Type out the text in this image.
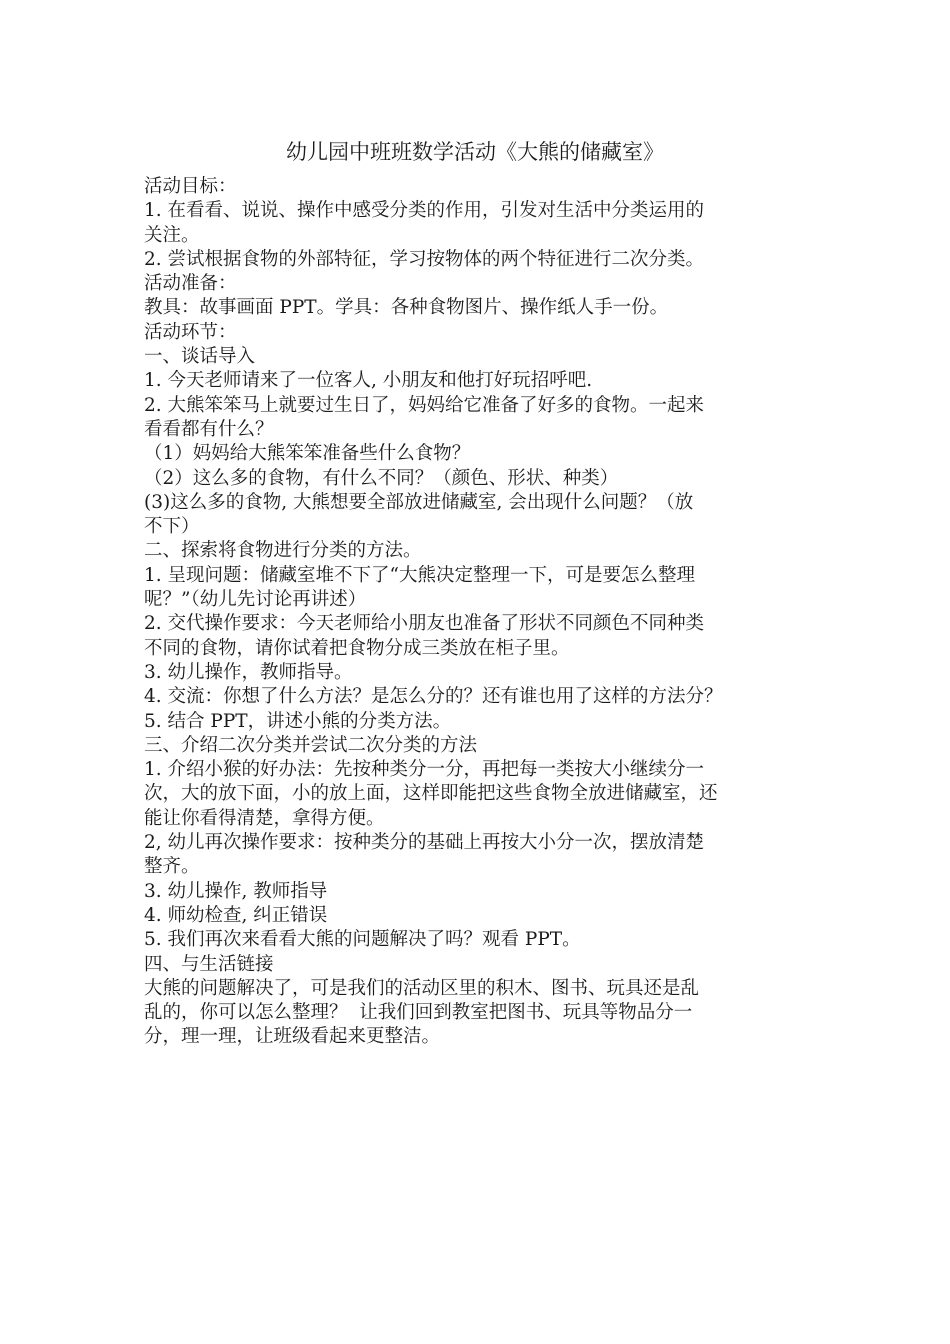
幼儿园中班班数学活动《大熊的储藏室》
活动目标：
1. 在看看、说说、操作中感受分类的作用，引发对生活中分类运用的
关注。
2. 尝试根据食物的外部特征，学习按物体的两个特征进行二次分类。
活动准备：
教具：故事画面 PPT。学具：各种食物图片、操作纸人手一份。
活动环节：
一、谈话导入
1. 今天老师请来了一位客人, 小朋友和他打好玩招呼吧.
2. 大熊笨笨马上就要过生日了，妈妈给它准备了好多的食物。一起来
看看都有什么？
（1）妈妈给大熊笨笨准备些什么食物？
（2）这么多的食物，有什么不同？（颜色、形状、种类）
(3)这么多的食物, 大熊想要全部放进储藏室, 会出现什么问题？（放
不下）
二、探索将食物进行分类的方法。
1. 呈现问题：储藏室堆不下了“大熊决定整理一下，可是要怎么整理
呢？”（幼儿先讨论再讲述）
2. 交代操作要求：今天老师给小朋友也准备了形状不同颜色不同种类
不同的食物，请你试着把食物分成三类放在柜子里。
3. 幼儿操作，教师指导。
4. 交流：你想了什么方法？是怎么分的？还有谁也用了这样的方法分？
5. 结合 PPT，讲述小熊的分类方法。
三、介绍二次分类并尝试二次分类的方法
1. 介绍小猴的好办法：先按种类分一分，再把每一类按大小继续分一
次，大的放下面，小的放上面，这样即能把这些食物全放进储藏室，还
能让你看得清楚，拿得方便。
2, 幼儿再次操作要求：按种类分的基础上再按大小分一次，摆放清楚
整齐。
3. 幼儿操作, 教师指导
4. 师幼检查, 纠正错误
5. 我们再次来看看大熊的问题解决了吗？观看 PPT。
四、与生活链接
大熊的问题解决了，可是我们的活动区里的积木、图书、玩具还是乱
乱的，你可以怎么整理？  让我们回到教室把图书、玩具等物品分一
分，理一理，让班级看起来更整洁。
